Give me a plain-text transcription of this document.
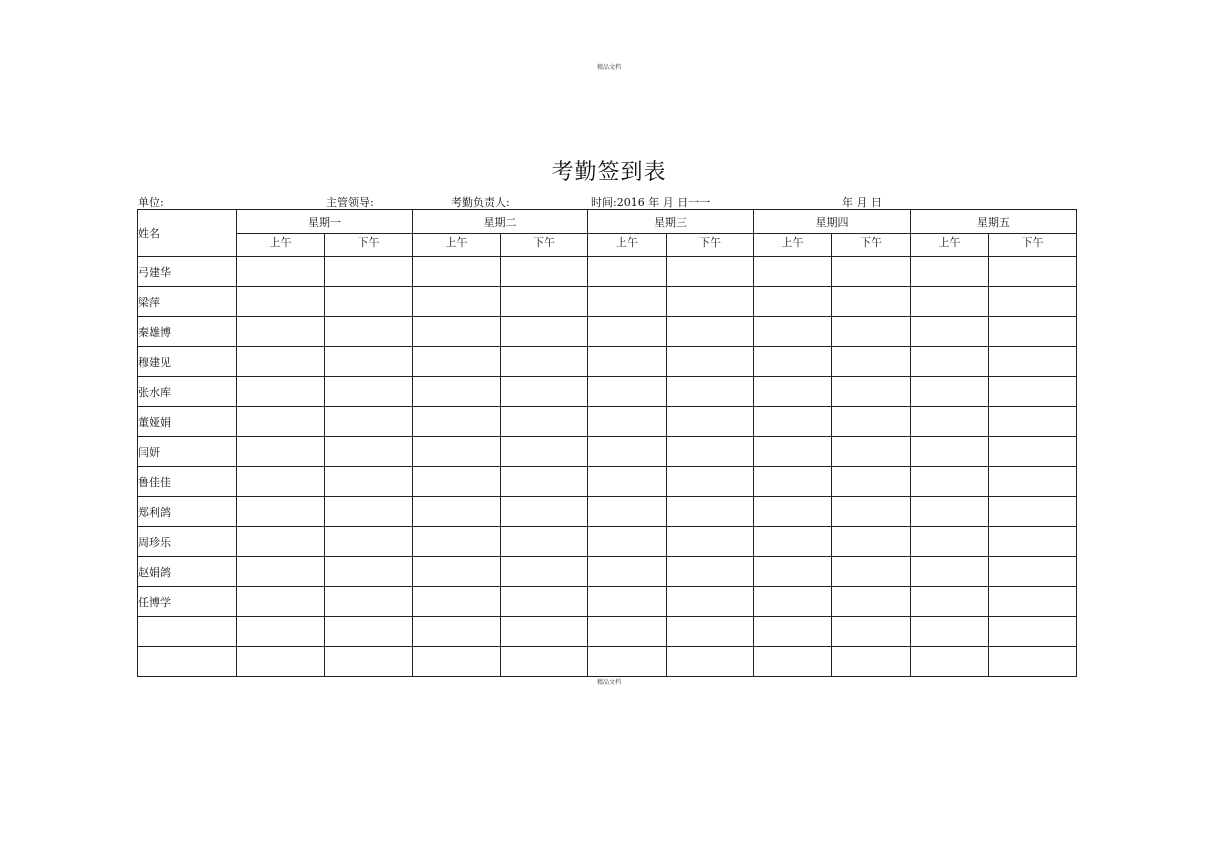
精品文档
考勤签到表
单位:	主管领导:	考勤负责人:	时间:2016 年 月 日一一	年 月 日
姓名	星期一		星期二		星期三		星期四		星期五	
	上午	下午	上午	下午	上午	下午	上午	下午	上午	下午
弓建华										
梁萍										
秦雄博										
穆建见										
张水库										
董娅娟										
闫妍										
鲁佳佳										
郑利鸽										
周珍乐										
赵娟鸽										
任博学										

精品文档
